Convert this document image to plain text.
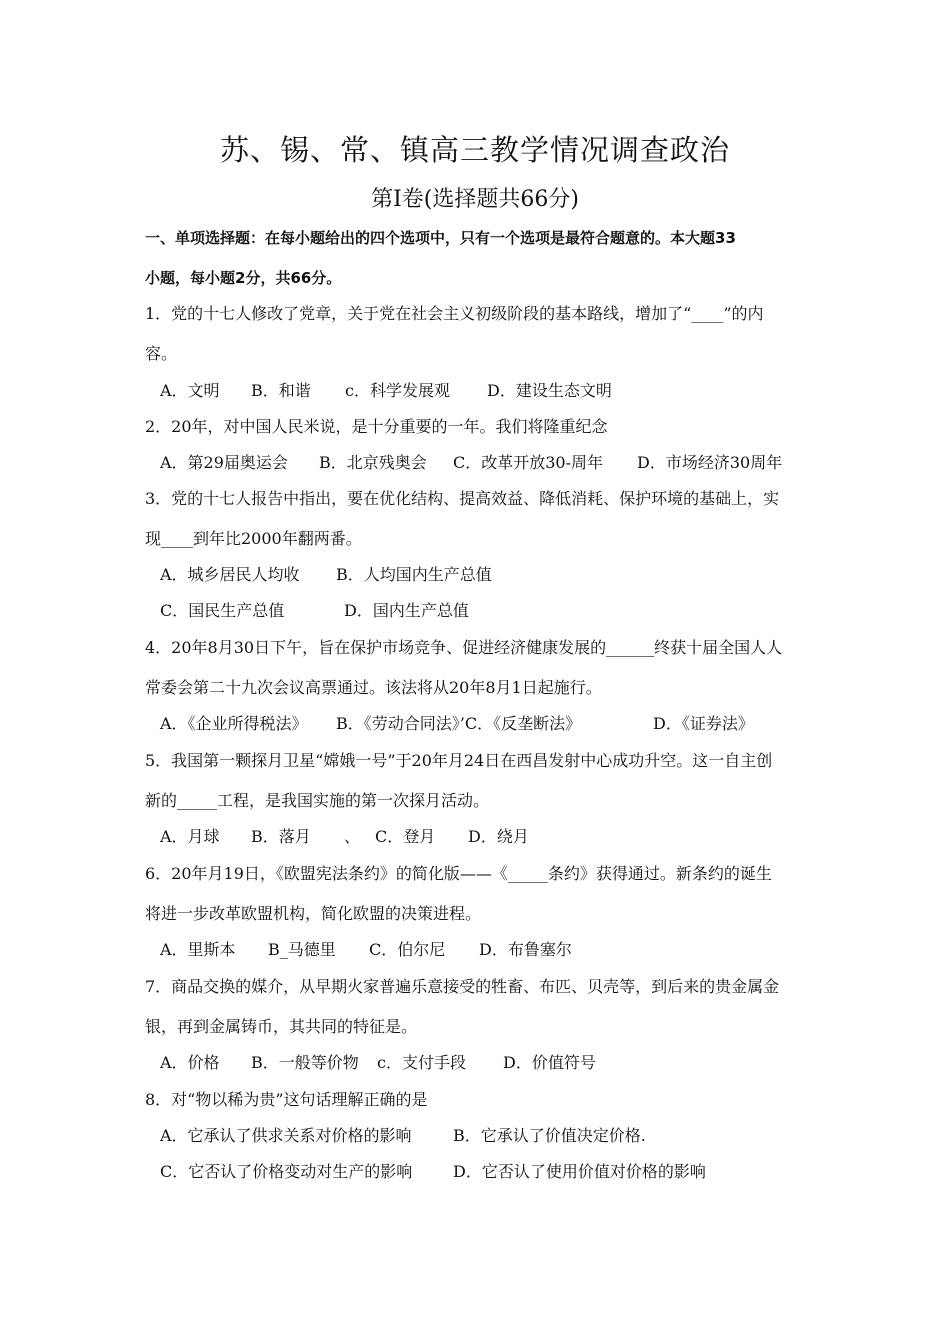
苏、锡、常、镇高三教学情况调查政治
第Ⅰ卷(选择题共66分)
一、单项选择题：在每小题给出的四个选项中，只有一个选项是最符合题意的。本大题33
小题，每小题2分，共66分。
1．党的十七人修改了党章，关于党在社会主义初级阶段的基本路线，增加了“____”的内
容。
A．文明 B．和谐 c．科学发展观 D．建设生态文明
2．20年，对中国人民米说，是十分重要的一年。我们将隆重纪念
A．第29届奥运会 B．北京残奥会 C．改革开放30-周年 D．市场经济30周年
3．党的十七人报告中指出，要在优化结构、提高效益、降低消耗、保护环境的基础上，实
现____到年比2000年翻两番。
A．城乡居民人均收 B．人均国内生产总值
C．国民生产总值	D．国内生产总值
4．20年8月30日下午，旨在保护市场竞争、促进经济健康发展的______终获十届全国人人
常委会第二十九次会议高票通过。该法将从20年8月1日起施行。
A．《企业所得税法》 B．《劳动合同法》’C．《反垄断法》	D．《证券法》
5．我国第一颗探月卫星“嫦娥一号”于20年月24日在西昌发射中心成功升空。这一自主创
新的_____工程，是我国实施的第一次探月活动。
A．月球 B．落月 、 C．登月 D．绕月
6．20年月19日，《欧盟宪法条约》的简化版——《_____条约》获得通过。新条约的诞生
将进一步改革欧盟机构，简化欧盟的决策进程。
A．里斯本 B_马德里 C．伯尔尼 D．布鲁塞尔
7．商品交换的媒介，从早期火家普遍乐意接受的牲畜、布匹、贝壳等，到后来的贵金属金
银，再到金属铸币，其共同的特征是。
A．价格 B．一般等价物 c．支付手段 D．价值符号
8．对“物以稀为贵”这句话理解正确的是
A．它承认了供求关系对价格的影响	B．它承认了价值决定价格.
C．它否认了价格变动对生产的影响	D．它否认了使用价值对价格的影响
